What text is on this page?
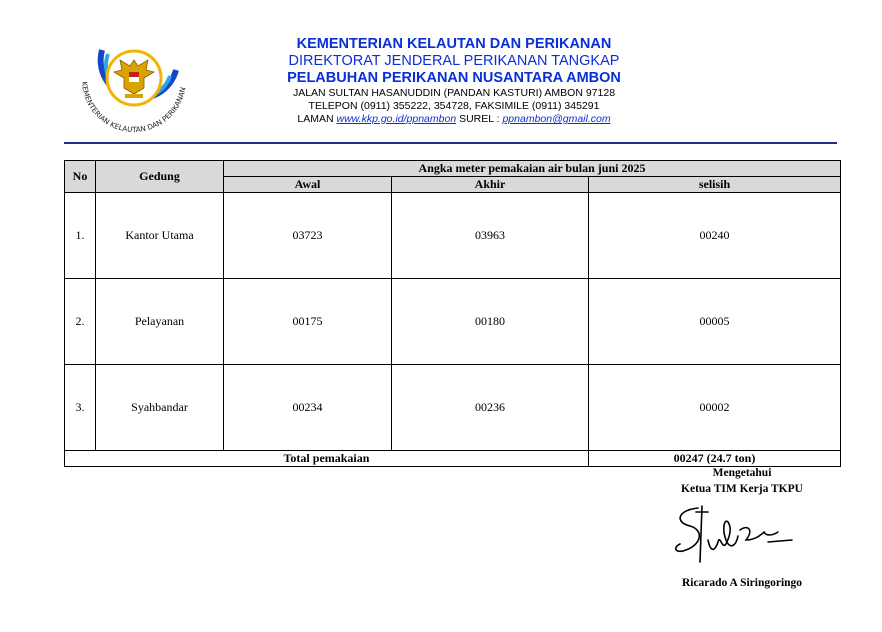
KEMENTERIAN KELAUTAN DAN PERIKANAN
KEMENTERIAN KELAUTAN DAN PERIKANAN
DIREKTORAT JENDERAL PERIKANAN TANGKAP
PELABUHAN PERIKANAN NUSANTARA AMBON
JALAN SULTAN HASANUDDIN (PANDAN KASTURI) AMBON 97128
TELEPON (0911) 355222, 354728, FAKSIMILE (0911) 345291
LAMAN www.kkp.go.id/ppnambon SUREL : ppnambon@gmail.com
No	Gedung	Angka meter pemakaian air bulan juni 2025		
		Awal	Akhir	selisih
1.	Kantor Utama	03723	03963	00240
2.	Pelayanan	00175	00180	00005
3.	Syahbandar	00234	00236	00002
Total pemakaian				00247 (24.7 ton)
Mengetahui
Ketua TIM Kerja TKPU
Ricarado A Siringoringo
